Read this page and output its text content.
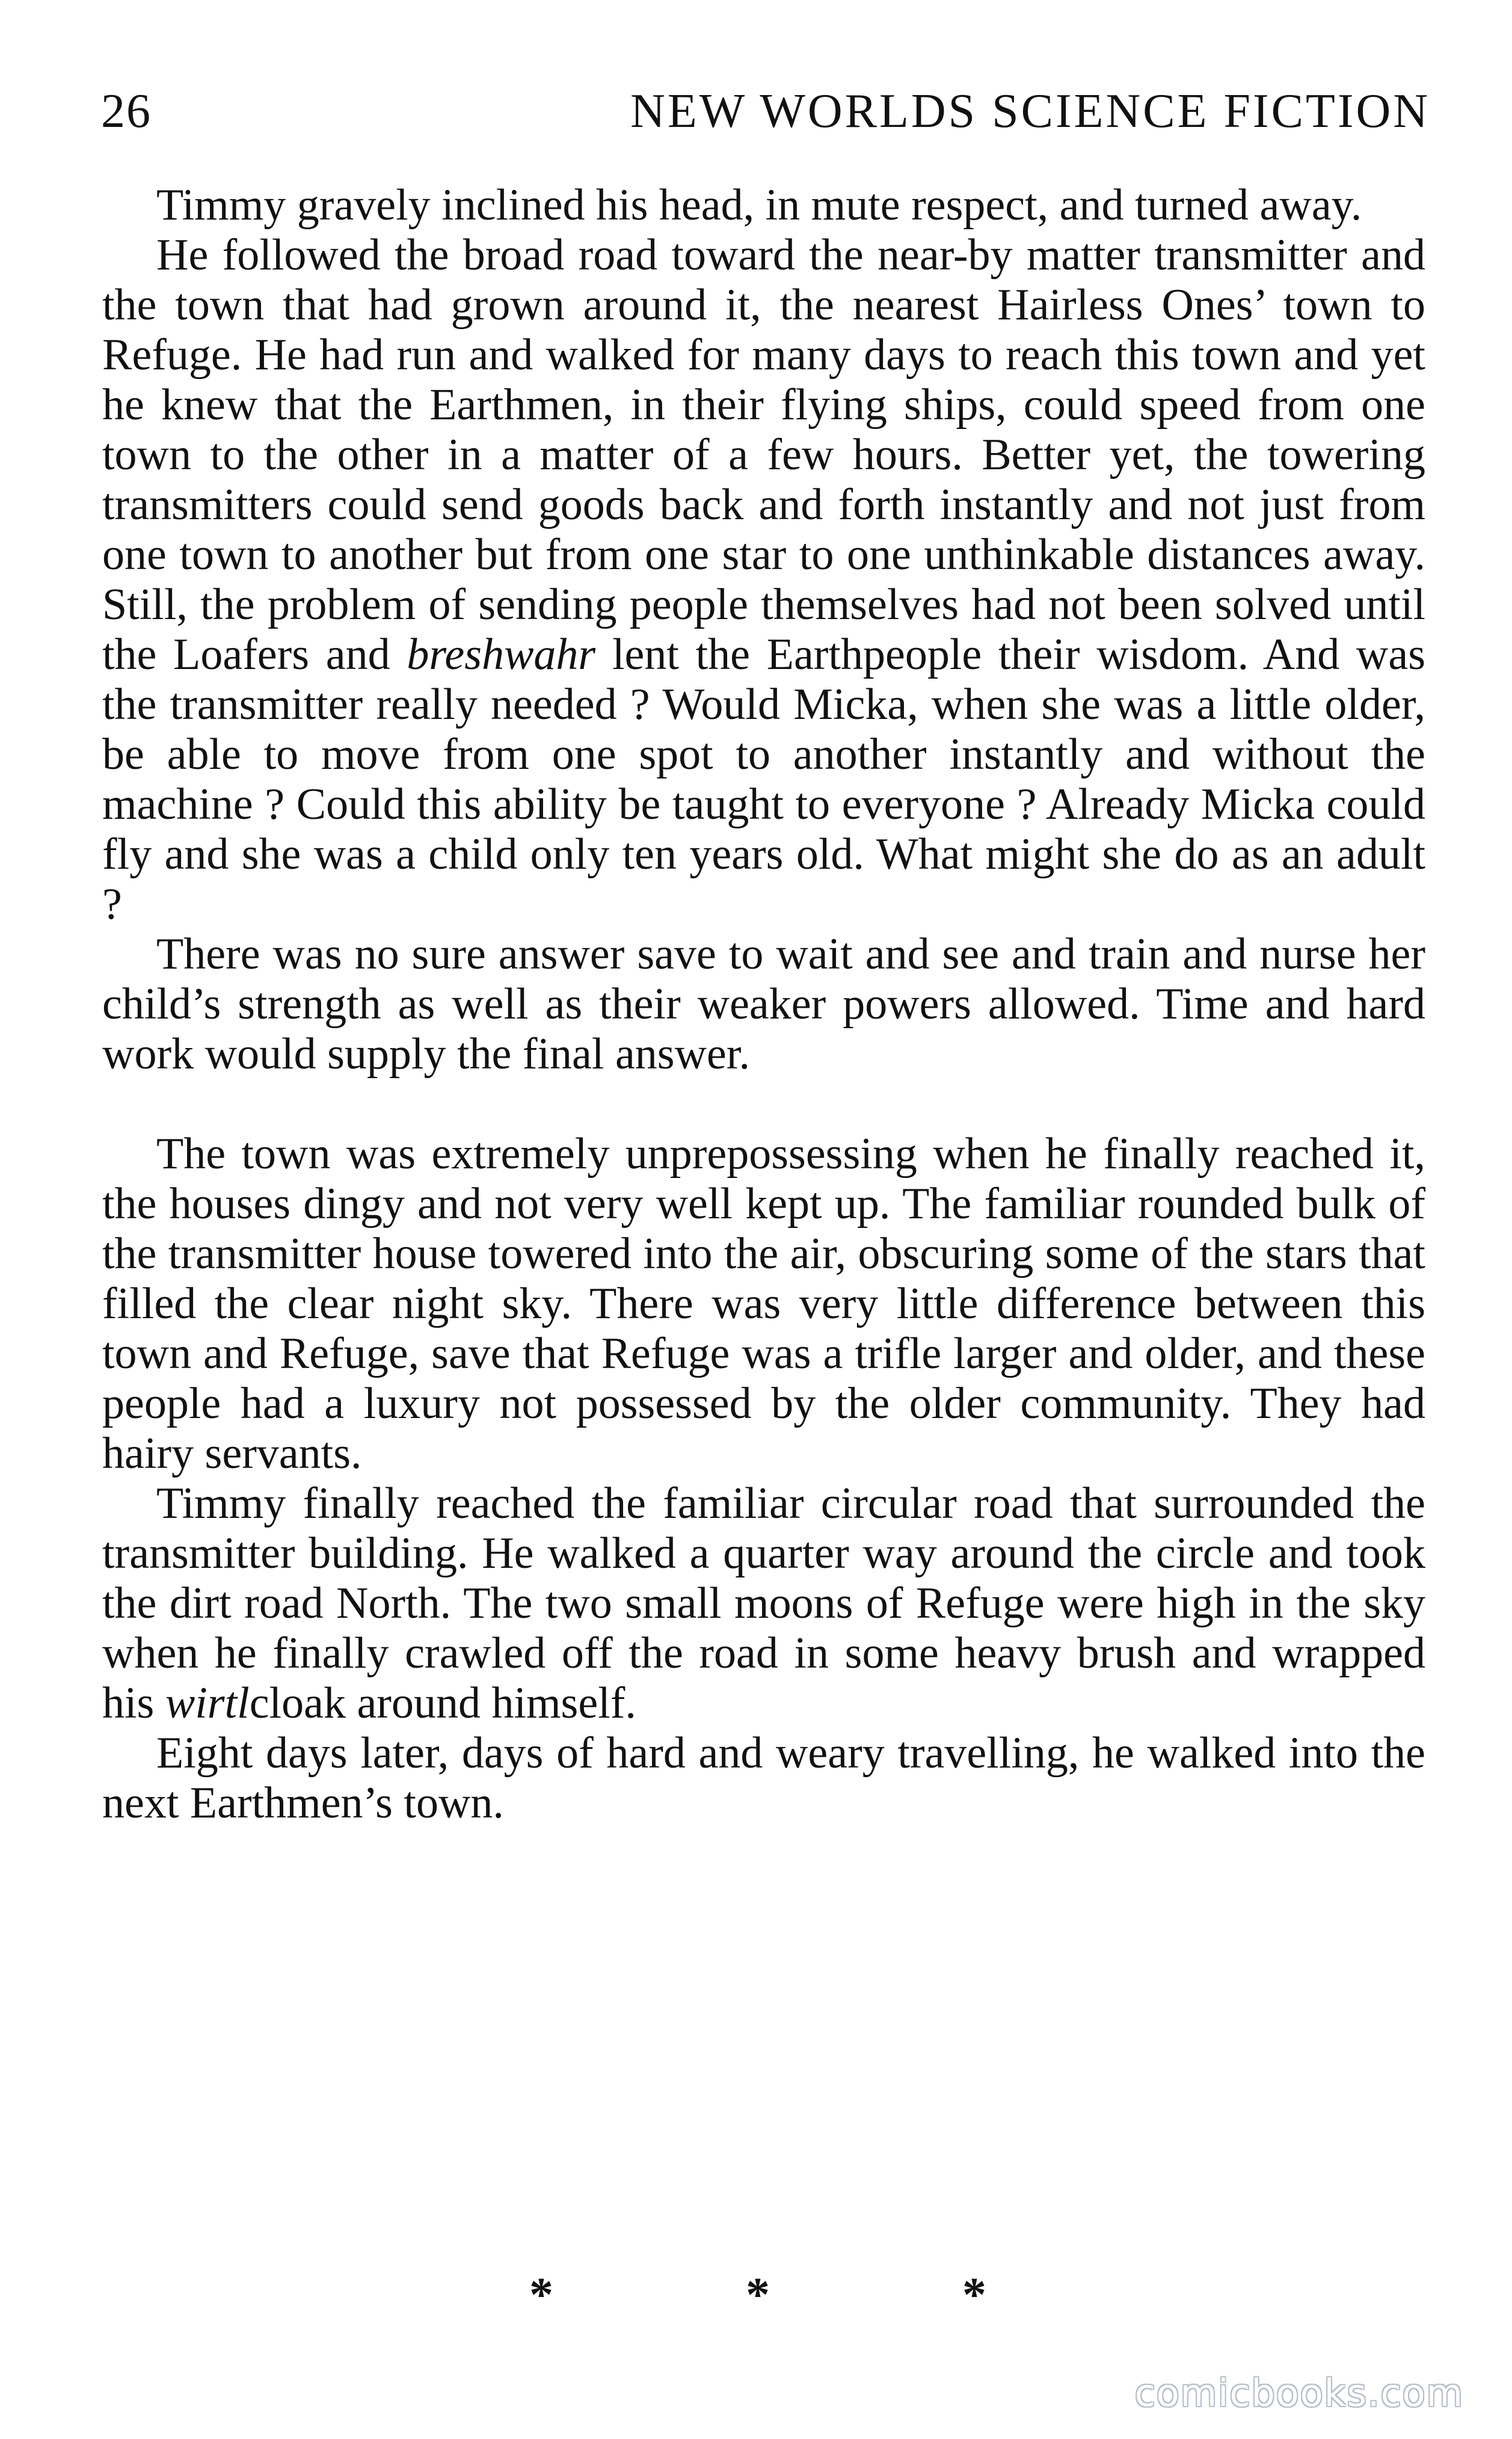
26	NEW WORLDS SCIENCE FICTION

Timmy gravely inclined his head, in mute respect, and turned away.

He followed the broad road toward the near-by matter transmitter and the town that had grown around it, the nearest Hairless Ones’ town to Refuge. He had run and walked for many days to reach this town and yet he knew that the Earthmen, in their flying ships, could speed from one town to the other in a matter of a few hours. Better yet, the towering transmitters could send goods back and forth instantly and not just from one town to another but from one star to one unthinkable distances away. Still, the problem of sending people themselves had not been solved until the Loafers and breshwahr lent the Earthpeople their wisdom. And was the transmitter really needed ? Would Micka, when she was a little older, be able to move from one spot to another instantly and without the machine ? Could this ability be taught to everyone ? Already Micka could fly and she was a child only ten years old. What might she do as an adult ?

There was no sure answer save to wait and see and train and nurse her child’s strength as well as their weaker powers allowed. Time and hard work would supply the final answer.

The town was extremely unprepossessing when he finally reached it, the houses dingy and not very well kept up. The familiar rounded bulk of the transmitter house towered into the air, obscuring some of the stars that filled the clear night sky. There was very little difference between this town and Refuge, save that Refuge was a trifle larger and older, and these people had a luxury not possessed by the older community. They had hairy servants.

Timmy finally reached the familiar circular road that surrounded the transmitter building. He walked a quarter way around the circle and took the dirt road North. The two small moons of Refuge were high in the sky when he finally crawled off the road in some heavy brush and wrapped his wirtlcloak around himself.

Eight days later, days of hard and weary travelling, he walked into the next Earthmen’s town.

*	*	*
comicbooks.com
